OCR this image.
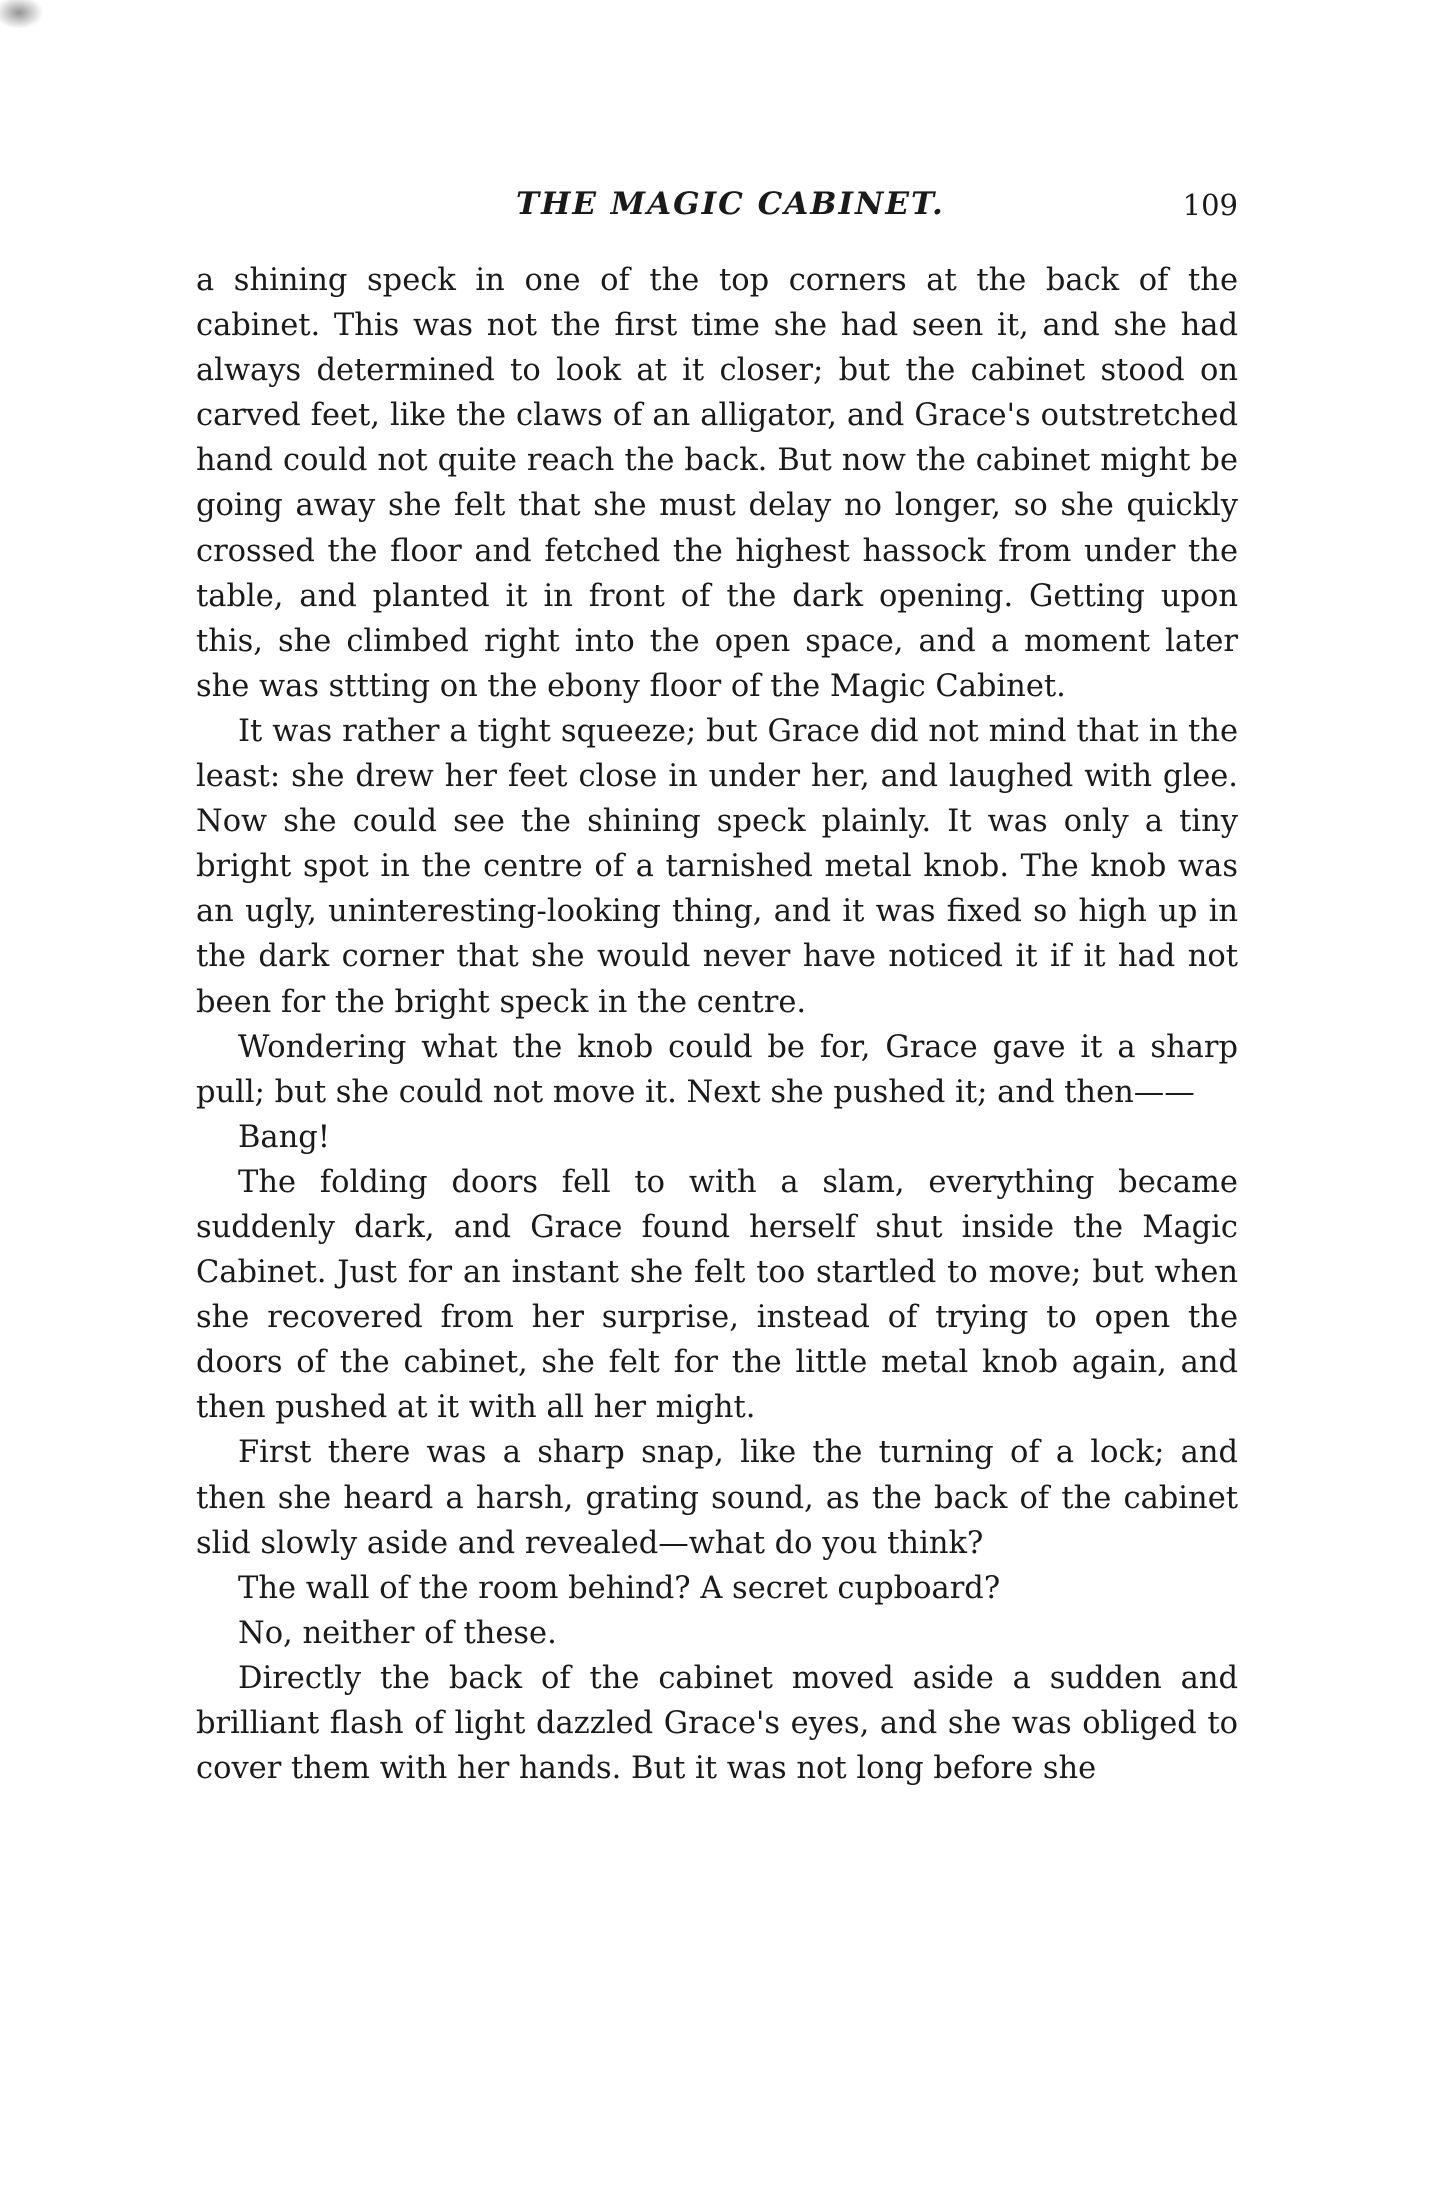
THE MAGIC CABINET.	109

a shining speck in one of the top corners at the back of the cabinet. This was not the first time she had seen it, and she had always determined to look at it closer; but the cabinet stood on carved feet, like the claws of an alligator, and Grace's outstretched hand could not quite reach the back. But now the cabinet might be going away she felt that she must delay no longer, so she quickly crossed the floor and fetched the highest hassock from under the table, and planted it in front of the dark opening. Getting upon this, she climbed right into the open space, and a moment later she was sttting on the ebony floor of the Magic Cabinet.

It was rather a tight squeeze; but Grace did not mind that in the least: she drew her feet close in under her, and laughed with glee. Now she could see the shining speck plainly. It was only a tiny bright spot in the centre of a tarnished metal knob. The knob was an ugly, uninteresting-looking thing, and it was fixed so high up in the dark corner that she would never have noticed it if it had not been for the bright speck in the centre.

Wondering what the knob could be for, Grace gave it a sharp pull; but she could not move it. Next she pushed it; and then——

Bang!

The folding doors fell to with a slam, everything became suddenly dark, and Grace found herself shut inside the Magic Cabinet. Just for an instant she felt too startled to move; but when she recovered from her surprise, instead of trying to open the doors of the cabinet, she felt for the little metal knob again, and then pushed at it with all her might.

First there was a sharp snap, like the turning of a lock; and then she heard a harsh, grating sound, as the back of the cabinet slid slowly aside and revealed—what do you think?

The wall of the room behind? A secret cupboard?

No, neither of these.

Directly the back of the cabinet moved aside a sudden and brilliant flash of light dazzled Grace's eyes, and she was obliged to cover them with her hands. But it was not long before she
